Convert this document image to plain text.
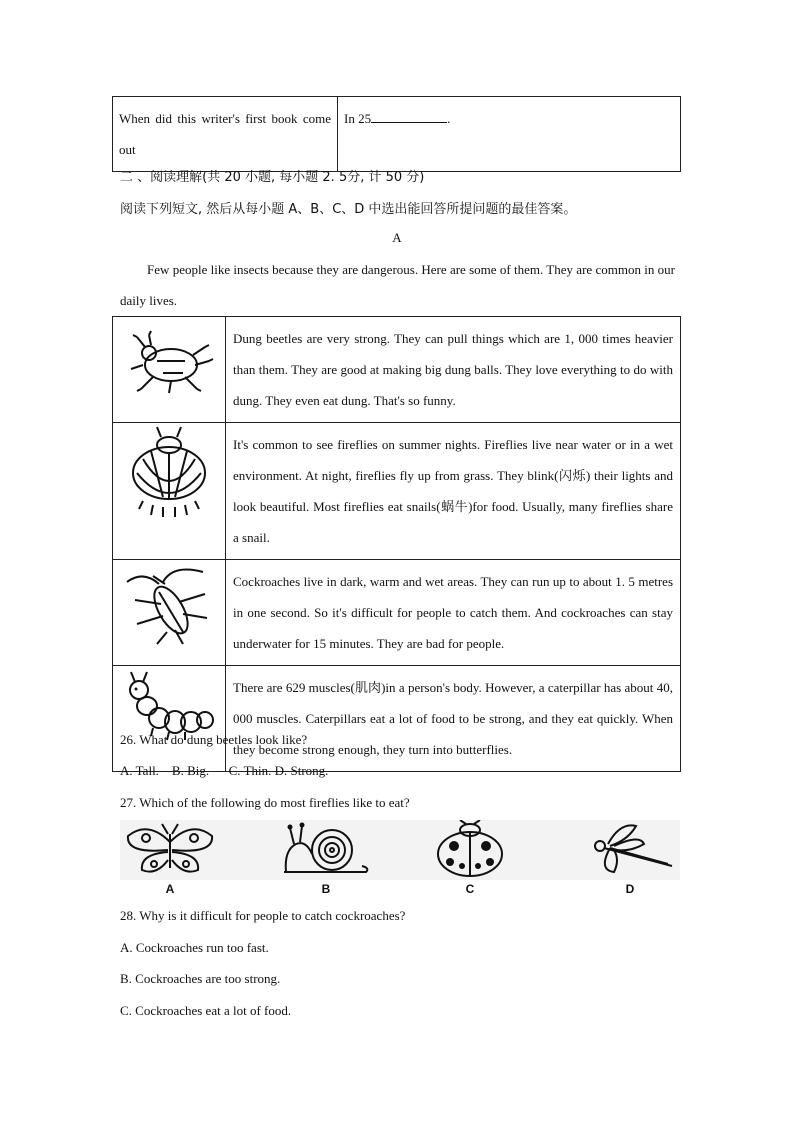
When did this writer's first book come out	In 25	.
二 、阅读理解(共 20 小题, 每小题 2. 5分, 计 50 分)
阅读下列短文, 然后从每小题 A、B、C、D 中选出能回答所提问题的最佳答案。
A
Few people like insects because they are dangerous. Here are some of them. They are common in our daily lives.
	Dung beetles are very strong. They can pull things which are 1, 000 times heavier than them. They are good at making big dung balls. They love everything to do with dung. They even eat dung. That's so funny.
	It's common to see fireflies on summer nights. Fireflies live near water or in a wet environment. At night, fireflies fly up from grass. They blink(闪烁) their lights and look beautiful. Most fireflies eat snails(蜗牛)for food. Usually, many fireflies share a snail.
	Cockroaches live in dark, warm and wet areas. They can run up to about 1. 5 metres in one second. So it's difficult for people to catch them. And cockroaches can stay underwater for 15 minutes. They are bad for people.
	There are 629 muscles(肌肉)in a person's body. However, a caterpillar has about 40, 000 muscles. Caterpillars eat a lot of food to be strong, and they eat quickly. When they become strong enough, they turn into butterflies.
26. What do dung beetles look like?
A. Tall.    B. Big.      C. Thin. D. Strong.
27. Which of the following do most fireflies like to eat?
A	B	C	D
28. Why is it difficult for people to catch cockroaches?
A. Cockroaches run too fast.
B. Cockroaches are too strong.
C. Cockroaches eat a lot of food.
